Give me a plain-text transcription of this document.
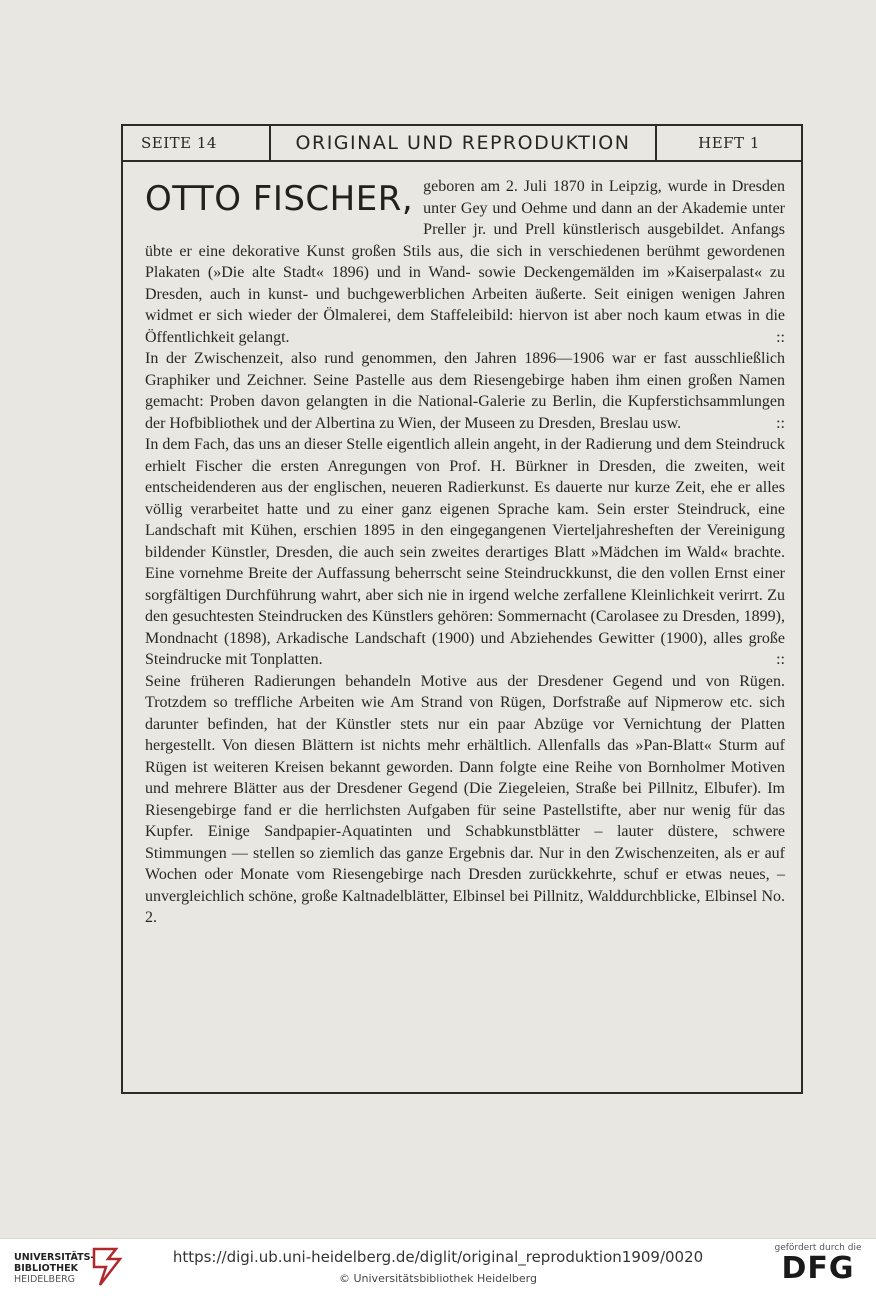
SEITE 14	ORIGINAL UND REPRODUKTION	HEFT 1
OTTO FISCHER, geboren am 2. Juli 1870 in Leipzig, wurde in Dresden unter Gey und Oehme und dann an der Akademie unter Preller jr. und Prell künstlerisch ausgebildet. Anfangs übte er eine dekorative Kunst großen Stils aus, die sich in verschiedenen berühmt gewordenen Plakaten (»Die alte Stadt« 1896) und in Wand- sowie Deckengemälden im »Kaiserpalast« zu Dresden, auch in kunst- und buchgewerblichen Arbeiten äußerte. Seit einigen wenigen Jahren widmet er sich wieder der Ölmalerei, dem Staffeleibild: hiervon ist aber noch kaum etwas in die Öffentlichkeit gelangt.	::

In der Zwischenzeit, also rund genommen, den Jahren 1896—1906 war er fast ausschließlich Graphiker und Zeichner. Seine Pastelle aus dem Riesengebirge haben ihm einen großen Namen gemacht: Proben davon gelangten in die National-Galerie zu Berlin, die Kupferstichsammlungen der Hofbibliothek und der Albertina zu Wien, der Museen zu Dresden, Breslau usw.	::

In dem Fach, das uns an dieser Stelle eigentlich allein angeht, in der Radierung und dem Steindruck erhielt Fischer die ersten Anregungen von Prof. H. Bürkner in Dresden, die zweiten, weit entscheidenderen aus der englischen, neueren Radierkunst. Es dauerte nur kurze Zeit, ehe er alles völlig verarbeitet hatte und zu einer ganz eigenen Sprache kam. Sein erster Steindruck, eine Landschaft mit Kühen, erschien 1895 in den eingegangenen Vierteljahresheften der Vereinigung bildender Künstler, Dresden, die auch sein zweites derartiges Blatt »Mädchen im Wald« brachte. Eine vornehme Breite der Auffassung beherrscht seine Steindruckkunst, die den vollen Ernst einer sorgfältigen Durchführung wahrt, aber sich nie in irgend welche zerfallene Kleinlichkeit verirrt. Zu den gesuchtesten Steindrucken des Künstlers gehören: Sommernacht (Carolasee zu Dresden, 1899), Mondnacht (1898), Arkadische Landschaft (1900) und Abziehendes Gewitter (1900), alles große Steindrucke mit Tonplatten.	::

Seine früheren Radierungen behandeln Motive aus der Dresdener Gegend und von Rügen. Trotzdem so treffliche Arbeiten wie Am Strand von Rügen, Dorfstraße auf Nipmerow etc. sich darunter befinden, hat der Künstler stets nur ein paar Abzüge vor Vernichtung der Platten hergestellt. Von diesen Blättern ist nichts mehr erhältlich. Allenfalls das »Pan-Blatt« Sturm auf Rügen ist weiteren Kreisen bekannt geworden. Dann folgte eine Reihe von Bornholmer Motiven und mehrere Blätter aus der Dresdener Gegend (Die Ziegeleien, Straße bei Pillnitz, Elbufer). Im Riesengebirge fand er die herrlichsten Aufgaben für seine Pastellstifte, aber nur wenig für das Kupfer. Einige Sandpapier-Aquatinten und Schabkunstblätter – lauter düstere, schwere Stimmungen — stellen so ziemlich das ganze Ergebnis dar. Nur in den Zwischenzeiten, als er auf Wochen oder Monate vom Riesengebirge nach Dresden zurückkehrte, schuf er etwas neues, – unvergleichlich schöne, große Kaltnadelblätter, Elbinsel bei Pillnitz, Walddurchblicke, Elbinsel No. 2.

UNIVERSITÄTS-
BIBLIOTHEK
HEIDELBERG
https://digi.ub.uni-heidelberg.de/diglit/original_reproduktion1909/0020
© Universitätsbibliothek Heidelberg
gefördert durch die
DFG
